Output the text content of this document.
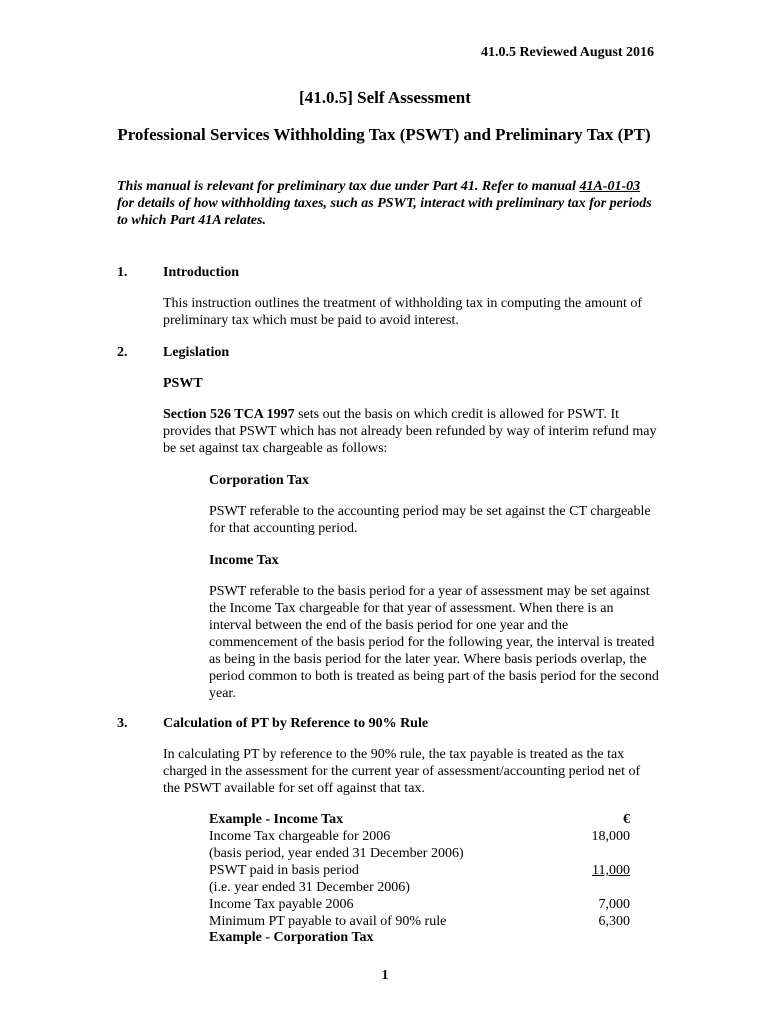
41.0.5 Reviewed August 2016
[41.0.5] Self Assessment
Professional Services Withholding Tax (PSWT) and Preliminary Tax (PT)
This manual is relevant for preliminary tax due under Part 41. Refer to manual 41A-01-03 for details of how withholding taxes, such as PSWT, interact with preliminary tax for periods to which Part 41A relates.
1.	Introduction
This instruction outlines the treatment of withholding tax in computing the amount of preliminary tax which must be paid to avoid interest.
2.	Legislation
PSWT
Section 526 TCA 1997 sets out the basis on which credit is allowed for PSWT. It provides that PSWT which has not already been refunded by way of interim refund may be set against tax chargeable as follows:
Corporation Tax
PSWT referable to the accounting period may be set against the CT chargeable for that accounting period.
Income Tax
PSWT referable to the basis period for a year of assessment may be set against the Income Tax chargeable for that year of assessment. When there is an interval between the end of the basis period for one year and the commencement of the basis period for the following year, the interval is treated as being in the basis period for the later year. Where basis periods overlap, the period common to both is treated as being part of the basis period for the second year.
3.	Calculation of PT by Reference to 90% Rule
In calculating PT by reference to the 90% rule, the tax payable is treated as the tax charged in the assessment for the current year of assessment/accounting period net of the PSWT available for set off against that tax.
Example - Income Tax	€
Income Tax chargeable for 2006	18,000
(basis period, year ended 31 December 2006)
PSWT paid in basis period	11,000
(i.e. year ended 31 December 2006)
Income Tax payable 2006	7,000
Minimum PT payable to avail of 90% rule	6,300
Example - Corporation Tax
1
